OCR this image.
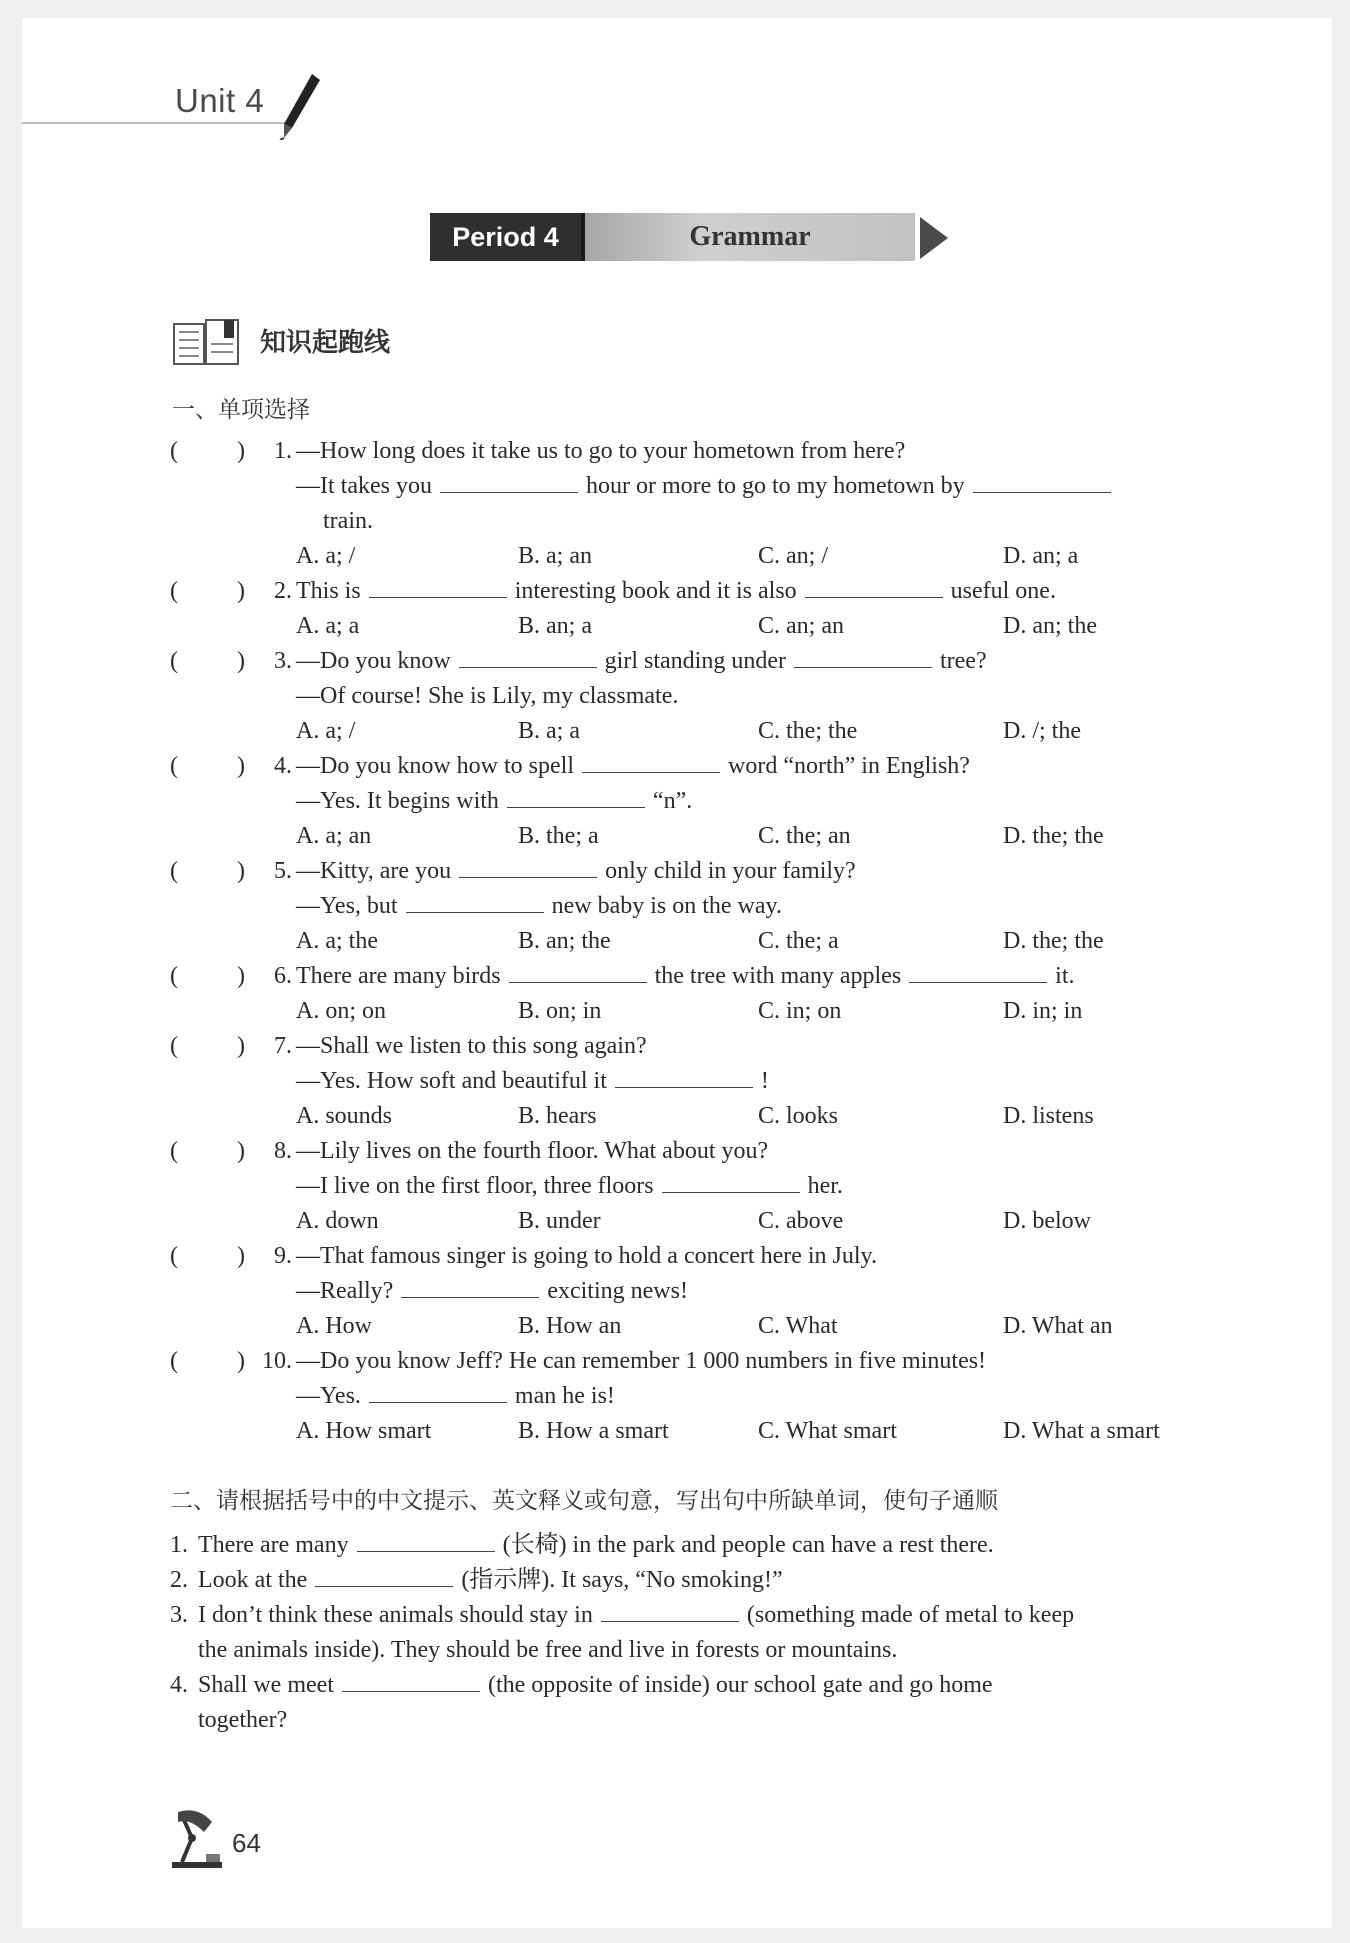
Unit 4
Period 4	Grammar
知识起跑线
一、单项选择
( )	1. —How long does it take us to go to your hometown from here?
—It takes you	hour or more to go to my hometown by
train.
A. a; /	B. a; an	C. an; /	D. an; a
( )	2. This is	interesting book and it is also	useful one.
A. a; a	B. an; a	C. an; an	D. an; the
( )	3. —Do you know	girl standing under	tree?
—Of course! She is Lily, my classmate.
A. a; /	B. a; a	C. the; the	D. /; the
( )	4. —Do you know how to spell	word “north” in English?
—Yes. It begins with	“n”.
A. a; an	B. the; a	C. the; an	D. the; the
( )	5. —Kitty, are you	only child in your family?
—Yes, but	new baby is on the way.
A. a; the	B. an; the	C. the; a	D. the; the
( )	6. There are many birds	the tree with many apples	it.
A. on; on	B. on; in	C. in; on	D. in; in
( )	7. —Shall we listen to this song again?
—Yes. How soft and beautiful it	!
A. sounds	B. hears	C. looks	D. listens
( )	8. —Lily lives on the fourth floor. What about you?
—I live on the first floor, three floors	her.
A. down	B. under	C. above	D. below
( )	9. —That famous singer is going to hold a concert here in July.
—Really?	exciting news!
A. How	B. How an	C. What	D. What an
( ) 10. —Do you know Jeff? He can remember 1 000 numbers in five minutes!
—Yes.	man he is!
A. How smart	B. How a smart	C. What smart	D. What a smart
二、请根据括号中的中文提示、英文释义或句意，写出句中所缺单词，使句子通顺
1. There are many	(长椅) in the park and people can have a rest there.
2. Look at the	(指示牌). It says, “No smoking!”
3. I don’t think these animals should stay in	(something made of metal to keep
the animals inside). They should be free and live in forests or mountains.
4. Shall we meet	(the opposite of inside) our school gate and go home
together?
64
